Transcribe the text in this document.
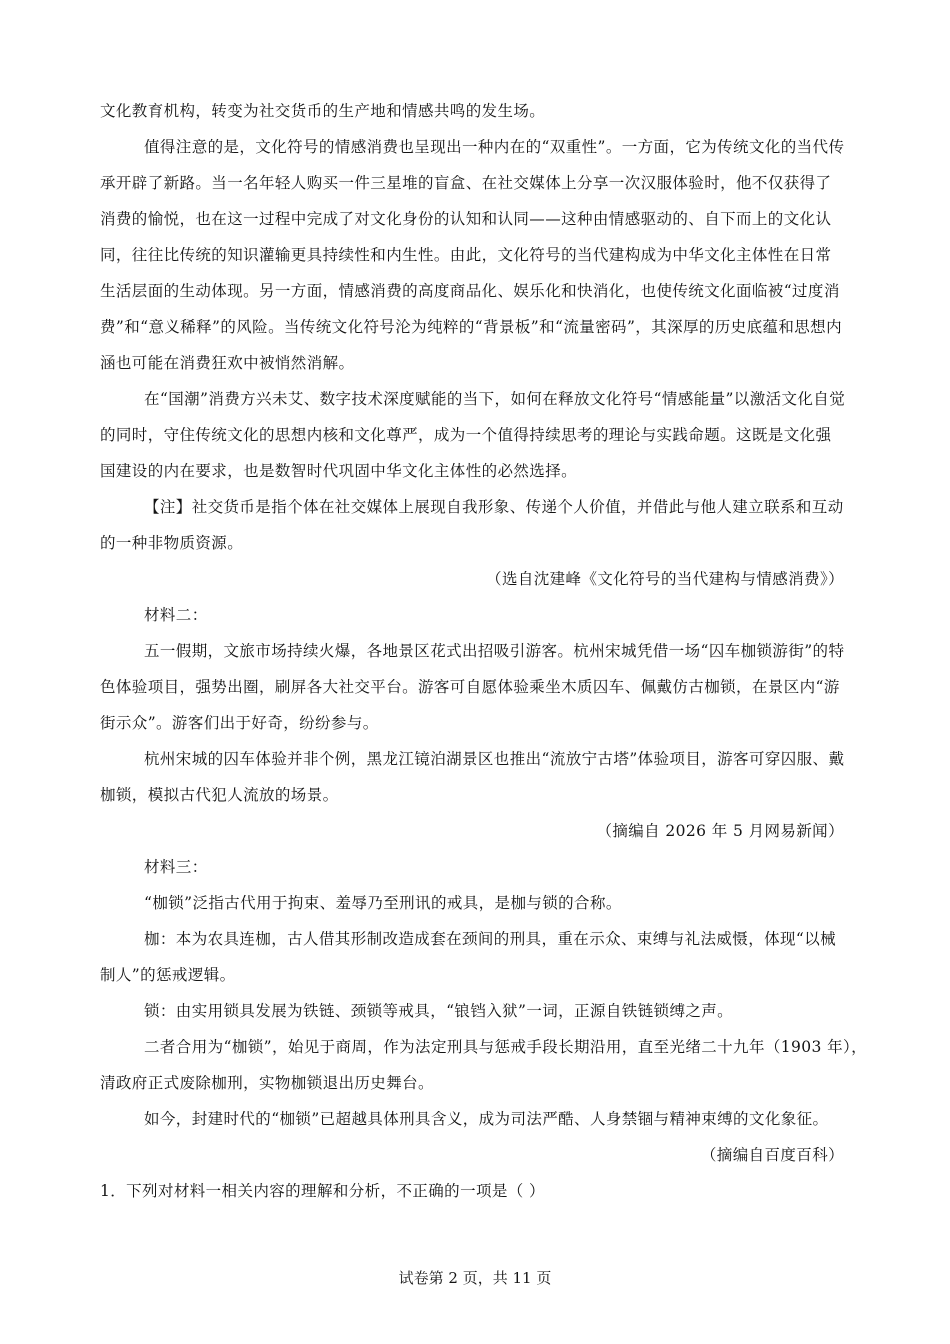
文化教育机构，转变为社交货币的生产地和情感共鸣的发生场。
值得注意的是，文化符号的情感消费也呈现出一种内在的“双重性”。一方面，它为传统文化的当代传
承开辟了新路。当一名年轻人购买一件三星堆的盲盒、在社交媒体上分享一次汉服体验时，他不仅获得了
消费的愉悦，也在这一过程中完成了对文化身份的认知和认同——这种由情感驱动的、自下而上的文化认
同，往往比传统的知识灌输更具持续性和内生性。由此，文化符号的当代建构成为中华文化主体性在日常
生活层面的生动体现。另一方面，情感消费的高度商品化、娱乐化和快消化，也使传统文化面临被“过度消
费”和“意义稀释”的风险。当传统文化符号沦为纯粹的“背景板”和“流量密码”，其深厚的历史底蕴和思想内
涵也可能在消费狂欢中被悄然消解。
在“国潮”消费方兴未艾、数字技术深度赋能的当下，如何在释放文化符号“情感能量”以激活文化自觉
的同时，守住传统文化的思想内核和文化尊严，成为一个值得持续思考的理论与实践命题。这既是文化强
国建设的内在要求，也是数智时代巩固中华文化主体性的必然选择。
【注】社交货币是指个体在社交媒体上展现自我形象、传递个人价值，并借此与他人建立联系和互动
的一种非物质资源。
（选自沈建峰《文化符号的当代建构与情感消费》）
材料二：
五一假期，文旅市场持续火爆，各地景区花式出招吸引游客。杭州宋城凭借一场“囚车枷锁游街”的特
色体验项目，强势出圈，刷屏各大社交平台。游客可自愿体验乘坐木质囚车、佩戴仿古枷锁，在景区内“游
街示众”。游客们出于好奇，纷纷参与。
杭州宋城的囚车体验并非个例，黑龙江镜泊湖景区也推出“流放宁古塔”体验项目，游客可穿囚服、戴
枷锁，模拟古代犯人流放的场景。
（摘编自 2026 年 5 月网易新闻）
材料三：
“枷锁”泛指古代用于拘束、羞辱乃至刑讯的戒具，是枷与锁的合称。
枷：本为农具连枷，古人借其形制改造成套在颈间的刑具，重在示众、束缚与礼法威慑，体现“以械
制人”的惩戒逻辑。
锁：由实用锁具发展为铁链、颈锁等戒具，“锒铛入狱”一词，正源自铁链锁缚之声。
二者合用为“枷锁”，始见于商周，作为法定刑具与惩戒手段长期沿用，直至光绪二十九年（1903 年），
清政府正式废除枷刑，实物枷锁退出历史舞台。
如今，封建时代的“枷锁”已超越具体刑具含义，成为司法严酷、人身禁锢与精神束缚的文化象征。
（摘编自百度百科）
1．下列对材料一相关内容的理解和分析，不正确的一项是（ ）
试卷第 2 页，共 11 页
